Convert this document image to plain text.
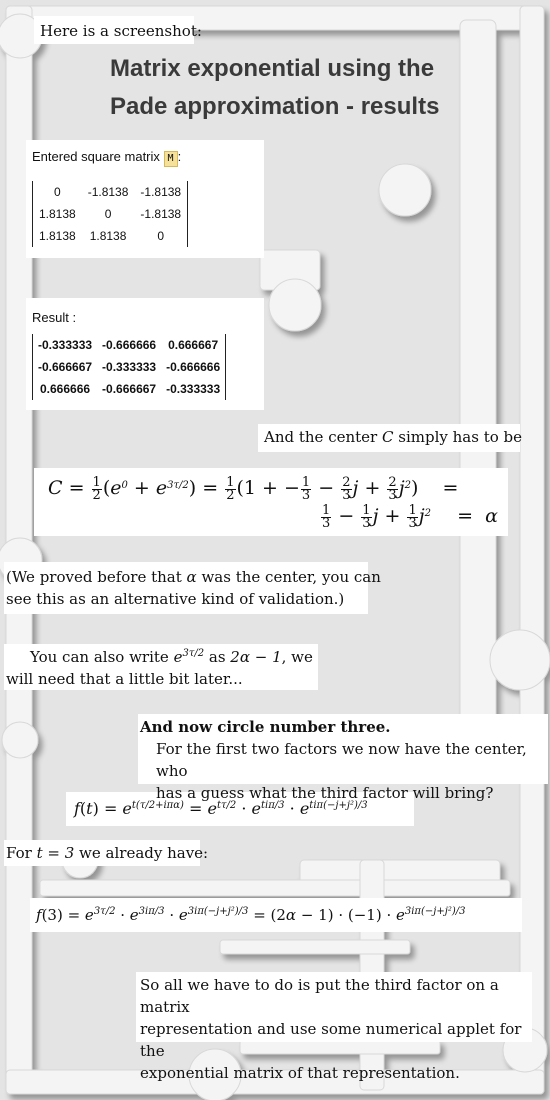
Here is a screenshot:
Matrix exponential using the
Pade approximation - results
Entered square matrix M :
0	-1.8138	-1.8138
1.8138	0	-1.8138
1.8138	1.8138	0
Result :
-0.333333	-0.666666	0.666667
-0.666667	-0.333333	-0.666666
0.666666	-0.666667	-0.333333
And the center C simply has to be
$C = \frac{1}{2} (e^0 + e^{3\tau/2}) = \frac{1}{2} (1$ + − $\frac{1}{3} - \frac{2}{3}$ $j + \frac{2}{3} j^2$) =
$\frac{1}{3} - \frac{1}{3}$ $j + \frac{1}{3} j^2 = \alpha$
(We proved before that α was the center, you can
see this as an alternative kind of validation.)
You can also write $e^{3\tau/2}$ as 2α − 1, we
will need that a little bit later...
And now circle number three.
For the first two factors we now have the center, who
has a guess what the third factor will bring?
$f(t) = e^{t(\tau/2+i\pi\alpha)} = e^{t\tau/2} \cdot e^{ti\pi/3} \cdot e^{ti\pi(-j+j^2)/3}$
For t = 3 we already have:
$f(3) = e^{3\tau/2} \cdot e^{3i\pi/3} \cdot e^{3i\pi(-j+j^2)/3} = (2\alpha - 1) \cdot (-1) \cdot e^{3i\pi(-j+j^2)/3}$
So all we have to do is put the third factor on a matrix
representation and use some numerical applet for the
exponential matrix of that representation.
